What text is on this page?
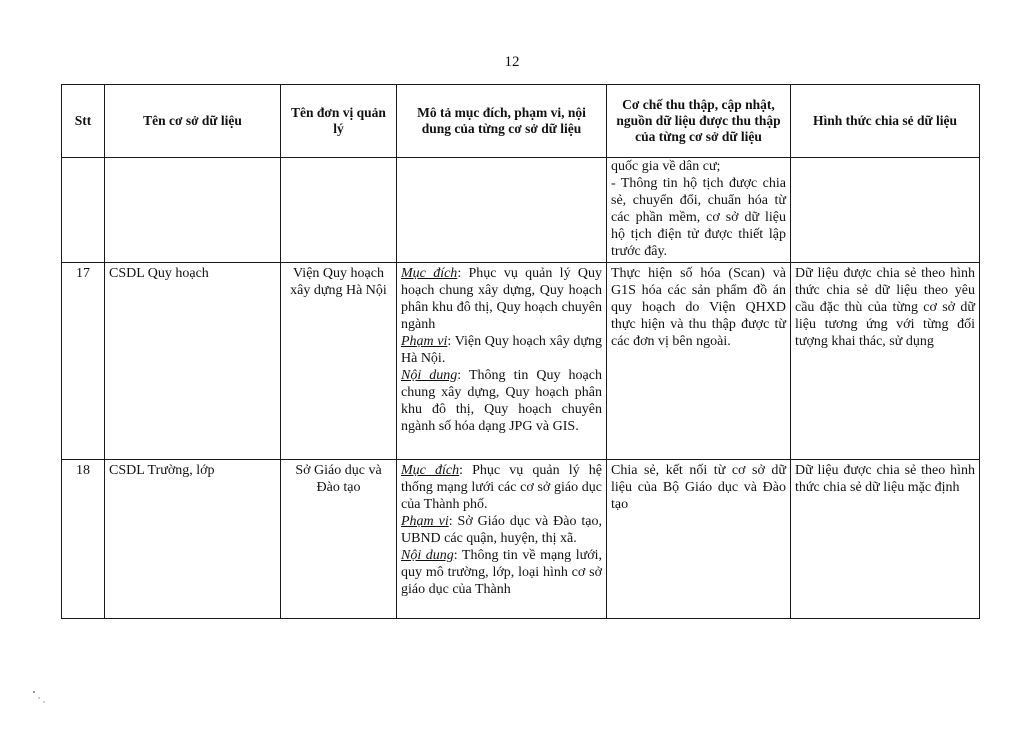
12
Stt	Tên cơ sở dữ liệu	Tên đơn vị quản lý	Mô tả mục đích, phạm vi, nội dung của từng cơ sở dữ liệu	Cơ chế thu thập, cập nhật, nguồn dữ liệu được thu thập của từng cơ sở dữ liệu	Hình thức chia sẻ dữ liệu
				quốc gia về dân cư;
- Thông tin hộ tịch được chia sẻ, chuyển đổi, chuẩn hóa từ các phần mềm, cơ sở dữ liệu hộ tịch điện tử được thiết lập trước đây.	
17	CSDL Quy hoạch	Viện Quy hoạch xây dựng Hà Nội	Mục đích: Phục vụ quản lý Quy hoạch chung xây dựng, Quy hoạch phân khu đô thị, Quy hoạch chuyên ngành
Phạm vi: Viện Quy hoạch xây dựng Hà Nội.
Nội dung: Thông tin Quy hoạch chung xây dựng, Quy hoạch phân khu đô thị, Quy hoạch chuyên ngành số hóa dạng JPG và GIS.	Thực hiện số hóa (Scan) và G1S hóa các sản phẩm đồ án quy hoạch do Viện QHXD thực hiện và thu thập được từ các đơn vị bên ngoài.	Dữ liệu được chia sẻ theo hình thức chia sẻ dữ liệu theo yêu cầu đặc thù của từng cơ sở dữ liệu tương ứng với từng đối tượng khai thác, sử dụng
18	CSDL Trường, lớp	Sở Giáo dục và Đào tạo	Mục đích: Phục vụ quản lý hệ thống mạng lưới các cơ sở giáo dục của Thành phố.
Phạm vi: Sở Giáo dục và Đào tạo, UBND các quận, huyện, thị xã.
Nội dung: Thông tin về mạng lưới, quy mô trường, lớp, loại hình cơ sở giáo dục của Thành	Chia sẻ, kết nối từ cơ sở dữ liệu của Bộ Giáo dục và Đào tạo	Dữ liệu được chia sẻ theo hình thức chia sẻ dữ liệu mặc định
